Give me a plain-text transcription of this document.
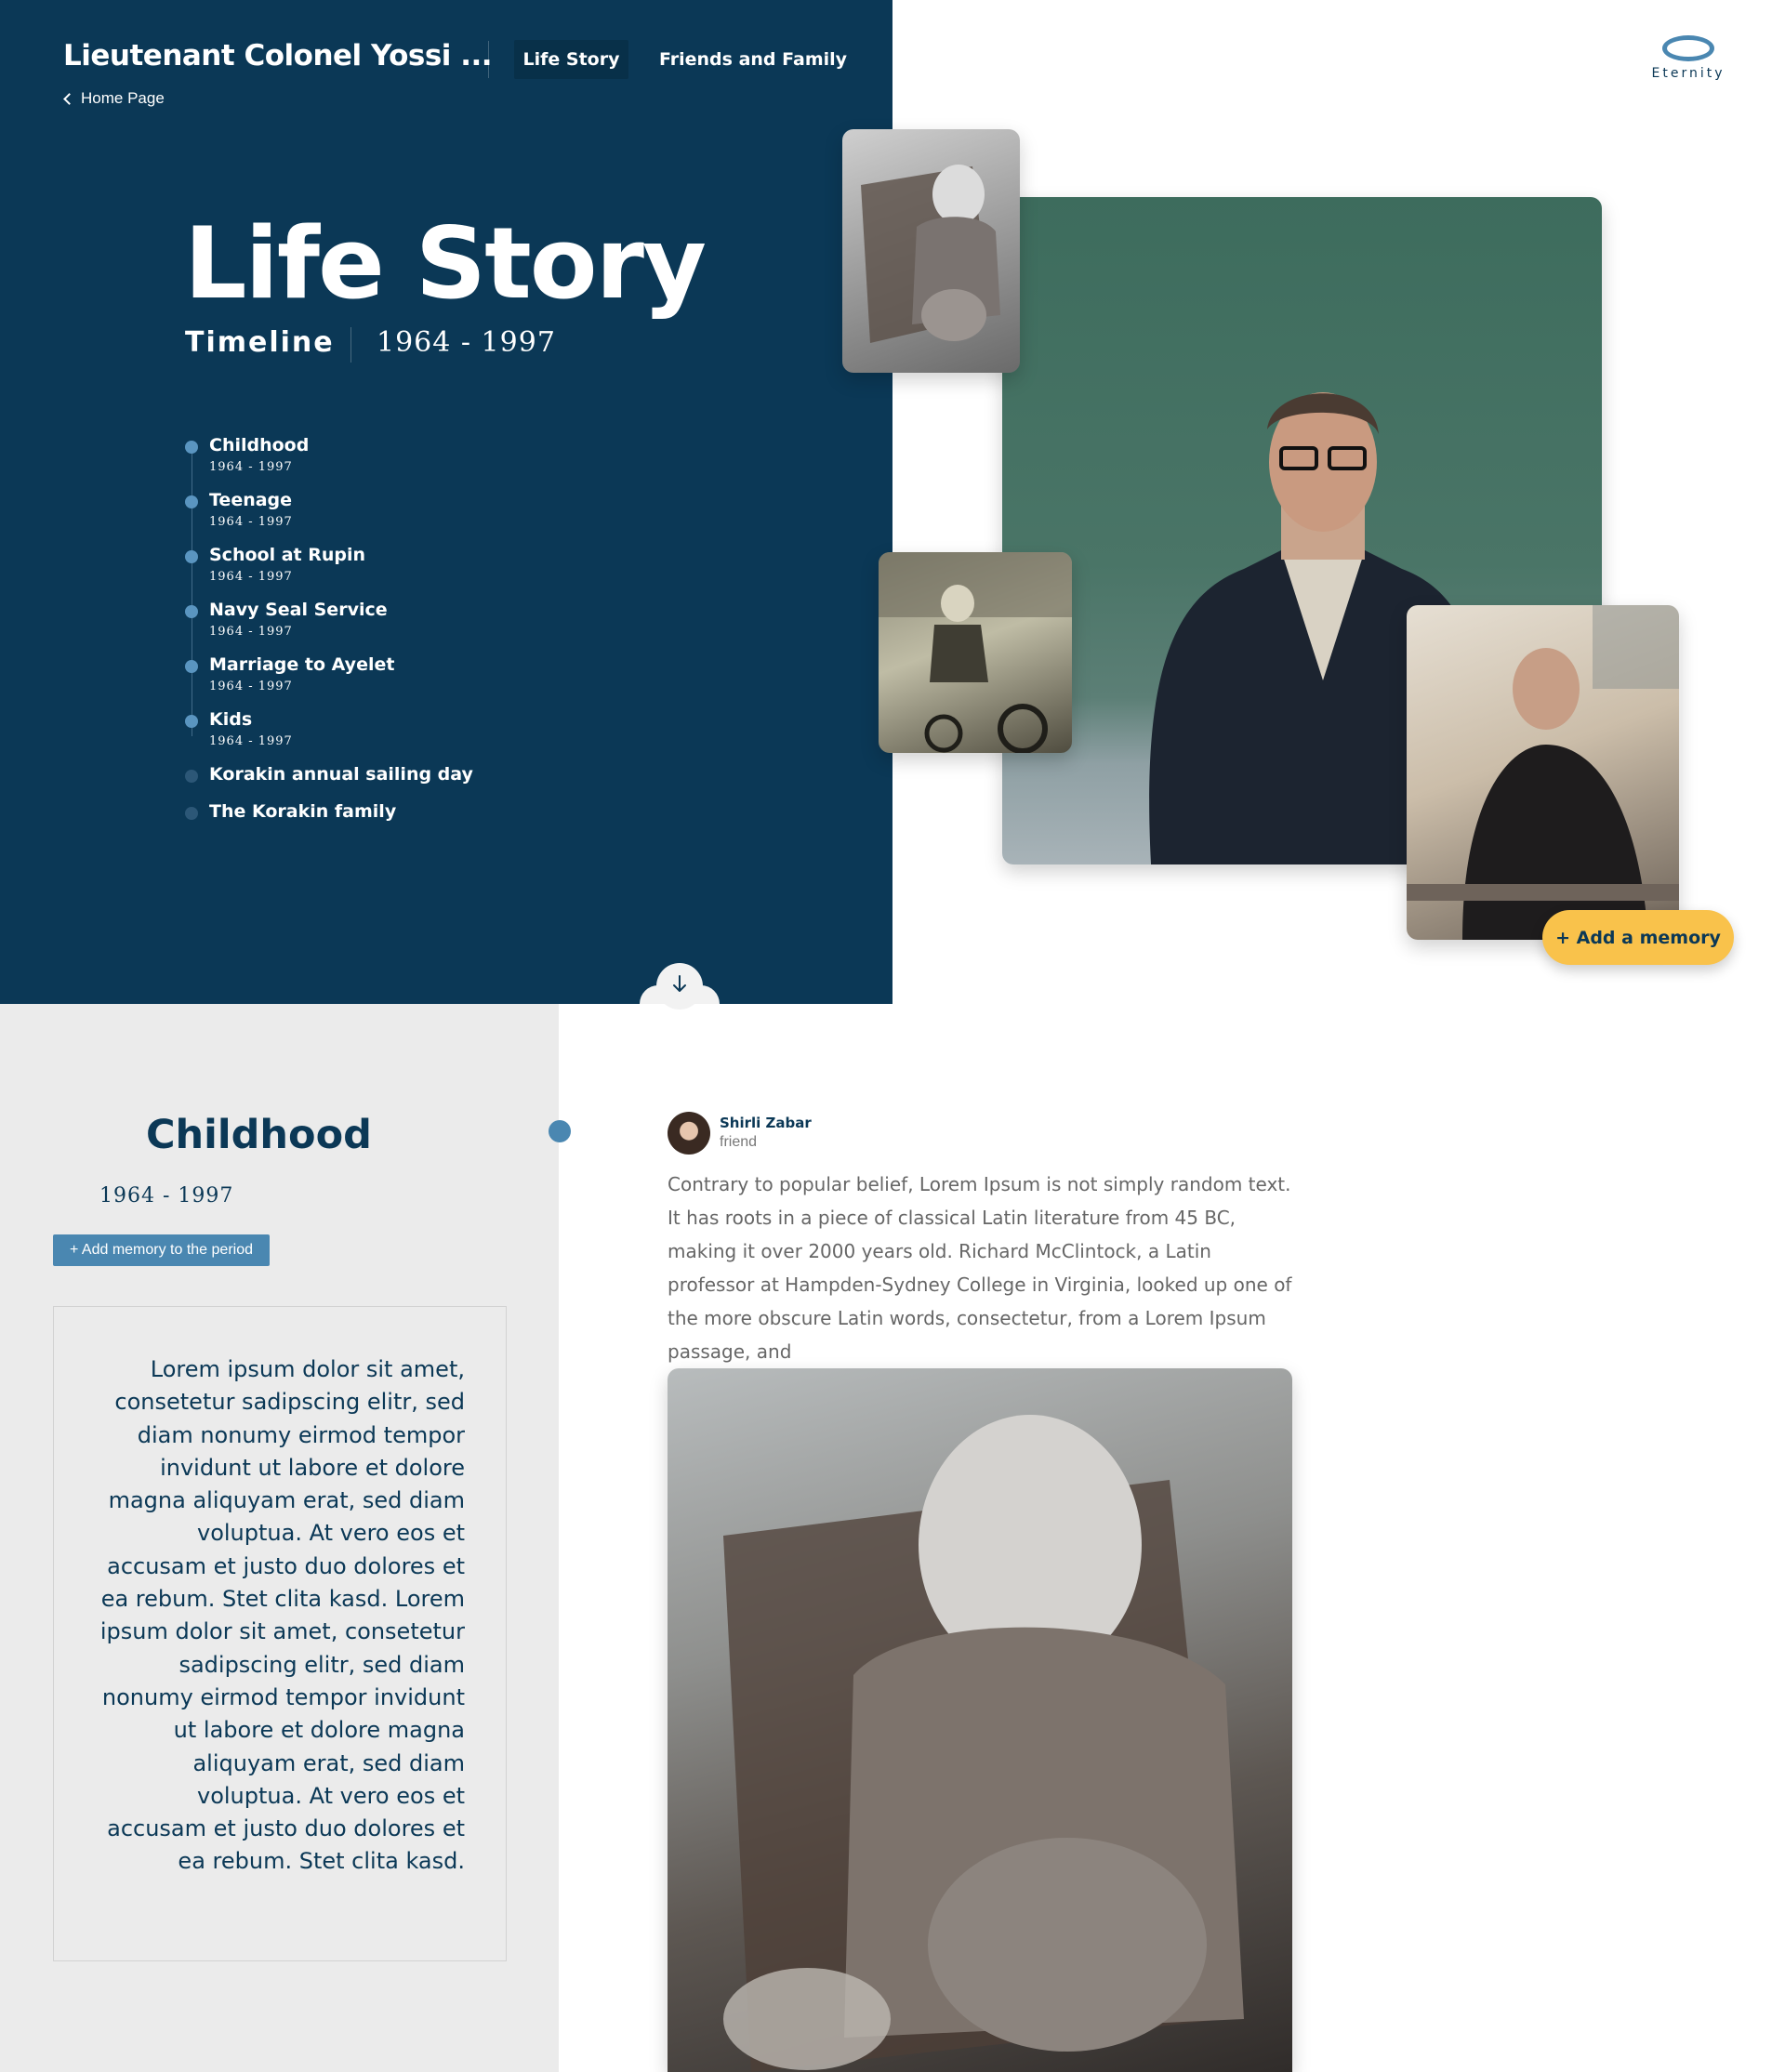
Lieutenant Colonel Yossi ...	Life Story	Friends and Family
Home Page
Life Story
Timeline 1964 - 1997
Childhood
1964 - 1997
Teenage
1964 - 1997
School at Rupin
1964 - 1997
Navy Seal Service
1964 - 1997
Marriage to Ayelet
1964 - 1997
Kids
1964 - 1997
Korakin annual sailing day
The Korakin family
Eternity
+ Add a memory
Childhood
1964 - 1997
+ Add memory to the period
Lorem ipsum dolor sit amet, consetetur sadipscing elitr, sed diam nonumy eirmod tempor invidunt ut labore et dolore magna aliquyam erat, sed diam voluptua. At vero eos et accusam et justo duo dolores et ea rebum. Stet clita kasd. Lorem ipsum dolor sit amet, consetetur sadipscing elitr, sed diam nonumy eirmod tempor invidunt ut labore et dolore magna aliquyam erat, sed diam voluptua. At vero eos et accusam et justo duo dolores et ea rebum. Stet clita kasd.
Shirli Zabar
friend
Contrary to popular belief, Lorem Ipsum is not simply random text. It has roots in a piece of classical Latin literature from 45 BC, making it over 2000 years old. Richard McClintock, a Latin professor at Hampden-Sydney College in Virginia, looked up one of the more obscure Latin words, consectetur, from a Lorem Ipsum passage, and
